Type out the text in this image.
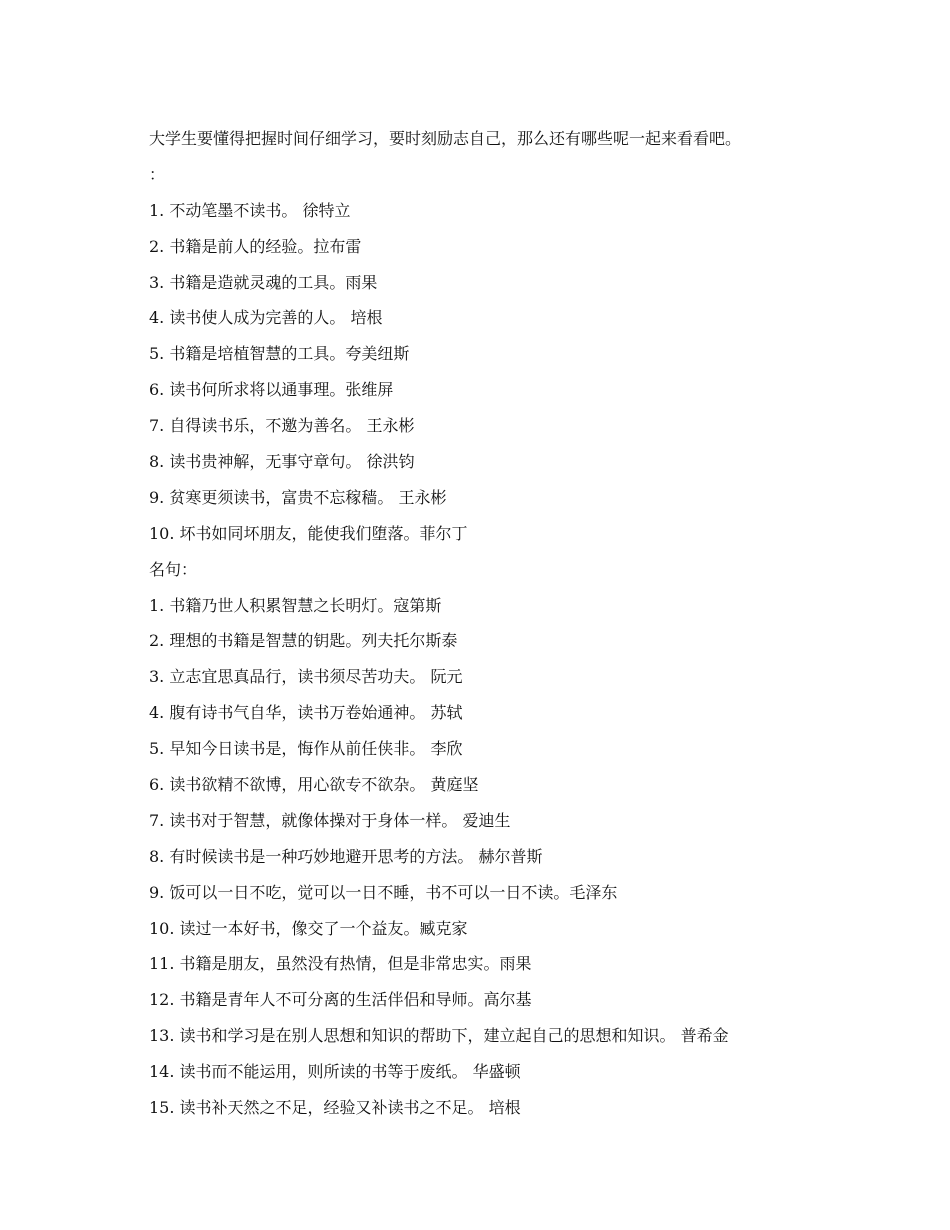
大学生要懂得把握时间仔细学习，要时刻励志自己，那么还有哪些呢一起来看看吧。
：
1. 不动笔墨不读书。 徐特立
2. 书籍是前人的经验。拉布雷
3. 书籍是造就灵魂的工具。雨果
4. 读书使人成为完善的人。 培根
5. 书籍是培植智慧的工具。夸美纽斯
6. 读书何所求将以通事理。张维屏
7. 自得读书乐，不邀为善名。 王永彬
8. 读书贵神解，无事守章句。 徐洪钧
9. 贫寒更须读书，富贵不忘稼穑。 王永彬
10. 坏书如同坏朋友，能使我们堕落。菲尔丁
名句：
1. 书籍乃世人积累智慧之长明灯。寇第斯
2. 理想的书籍是智慧的钥匙。列夫托尔斯泰
3. 立志宜思真品行，读书须尽苦功夫。 阮元
4. 腹有诗书气自华，读书万卷始通神。 苏轼
5. 早知今日读书是，悔作从前任侠非。 李欣
6. 读书欲精不欲博，用心欲专不欲杂。 黄庭坚
7. 读书对于智慧，就像体操对于身体一样。 爱迪生
8. 有时候读书是一种巧妙地避开思考的方法。 赫尔普斯
9. 饭可以一日不吃，觉可以一日不睡，书不可以一日不读。毛泽东
10. 读过一本好书，像交了一个益友。臧克家
11. 书籍是朋友，虽然没有热情，但是非常忠实。雨果
12. 书籍是青年人不可分离的生活伴侣和导师。高尔基
13. 读书和学习是在别人思想和知识的帮助下，建立起自己的思想和知识。 普希金
14. 读书而不能运用，则所读的书等于废纸。 华盛顿
15. 读书补天然之不足，经验又补读书之不足。 培根
